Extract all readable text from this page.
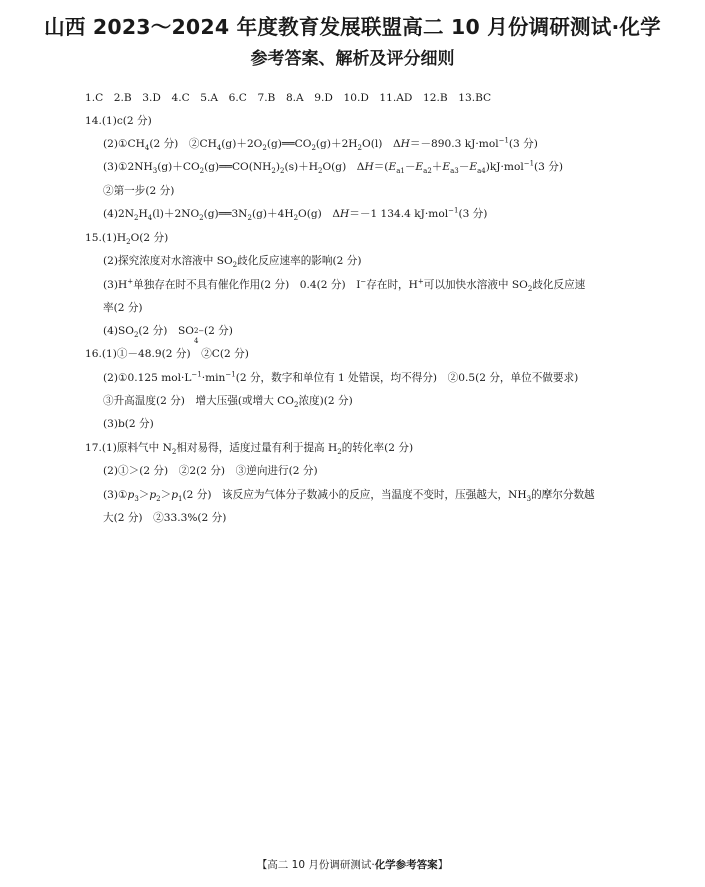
山西 2023～2024 年度教育发展联盟高二 10 月份调研测试·化学
参考答案、解析及评分细则
1.C　2.B　3.D　4.C　5.A　6.C　7.B　8.A　9.D　10.D　11.AD　12.B　13.BC
14.(1)c(2 分)
$(2)①CH_4(2$ 分)　$②CH_4(g)+2O_2(g)══CO_2(g)+2H_2O(l)$　ΔH＝－890.3 kJ·mol$^{-1}$(3 分)
$(3)①2NH_3(g)+CO_2(g)══CO(NH_2)_2(s)+H_2O(g)$　$\Delta H=(E_{a1}-E_{a2}+E_{a3}-E_{a4})kJ\cdot mol^{-1}(3$ 分)
②第一步(2 分)
$(4)2N_2H_4(l)+2NO_2(g)══3N_2(g)+4H_2O(g)$　ΔH＝－1 134.4 kJ·mol$^{-1}$(3 分)
$15.(1)H_2O(2$ 分)
(2)探究浓度对水溶液中 $SO_2$歧化反应速率的影响(2 分)
(3)H+单独存在时不具有催化作用(2 分)　0.4(2 分)　I−存在时，H+可以加快水溶液中 $SO_2$歧化反应速
率(2 分)
$(4)SO_2(2$ 分)　SO 2−
4
(2 分)
16.(1)①－48.9(2 分)　②C(2 分)
(2)①0.125 $mol\cdot L^{-1}\cdot\min^{-1}(2$ 分，数字和单位有 1 处错误，均不得分)　②0.5(2 分，单位不做要求)
③升高温度(2 分)　增大压强(或增大 $CO_2$浓度)(2 分)
(3)b(2 分)
17.(1)原料气中 $N_2$相对易得，适度过量有利于提高 $H_2$的转化率(2 分)
(2)①＞(2 分)　②2(2 分)　③逆向进行(2 分)
$(3)①p_3>p_2>p_1(2$ 分)　该反应为气体分子数减小的反应，当温度不变时，压强越大，$NH_3$的摩尔分数越
大(2 分)　②33.3%(2 分)
【高二 10 月份调研测试·化学参考答案】
